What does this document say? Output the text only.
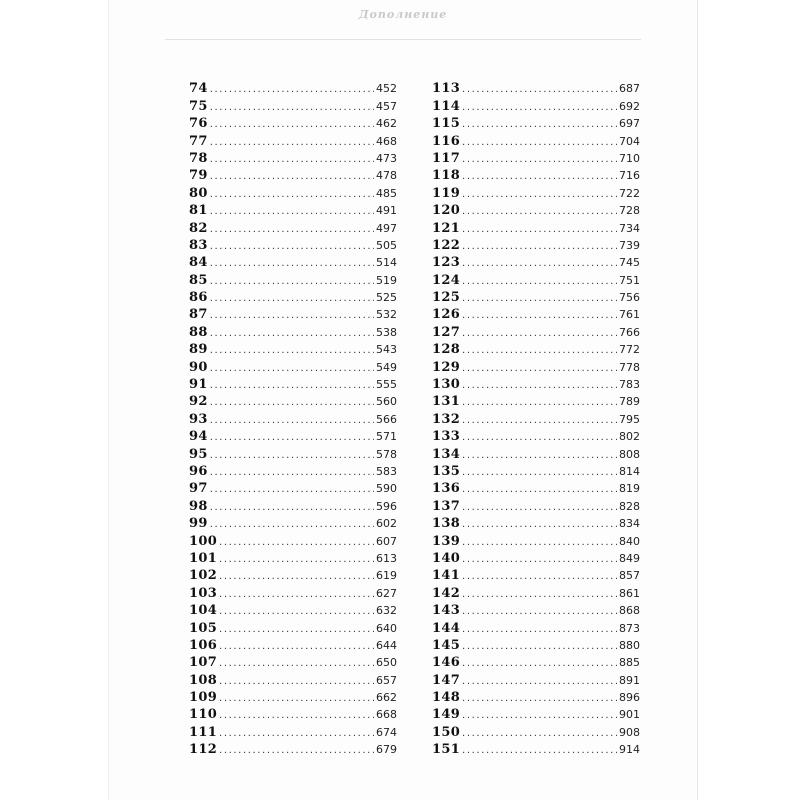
Дополнение
74 .....	452
75 .....	457
76 .....	462
77 .....	468
78 .....	473
79 .....	478
80 .....	485
81 .....	491
82 .....	497
83 .....	505
84 .....	514
85 .....	519
86 .....	525
87 .....	532
88 .....	538
89 .....	543
90 .....	549
91 .....	555
92 .....	560
93 .....	566
94 .....	571
95 .....	578
96 .....	583
97 .....	590
98 .....	596
99 .....	602
100 .....	607
101 .....	613
102 .....	619
103 .....	627
104 .....	632
105 .....	640
106 .....	644
107 .....	650
108 .....	657
109 .....	662
110 .....	668
111 .....	674
112 .....	679
113 .....	687
114 .....	692
115 .....	697
116 .....	704
117 .....	710
118 .....	716
119 .....	722
120 .....	728
121 .....	734
122 .....	739
123 .....	745
124 .....	751
125 .....	756
126 .....	761
127 .....	766
128 .....	772
129 .....	778
130 .....	783
131 .....	789
132 .....	795
133 .....	802
134 .....	808
135 .....	814
136 .....	819
137 .....	828
138 .....	834
139 .....	840
140 .....	849
141 .....	857
142 .....	861
143 .....	868
144 .....	873
145 .....	880
146 .....	885
147 .....	891
148 .....	896
149 .....	901
150 .....	908
151 .....	914
